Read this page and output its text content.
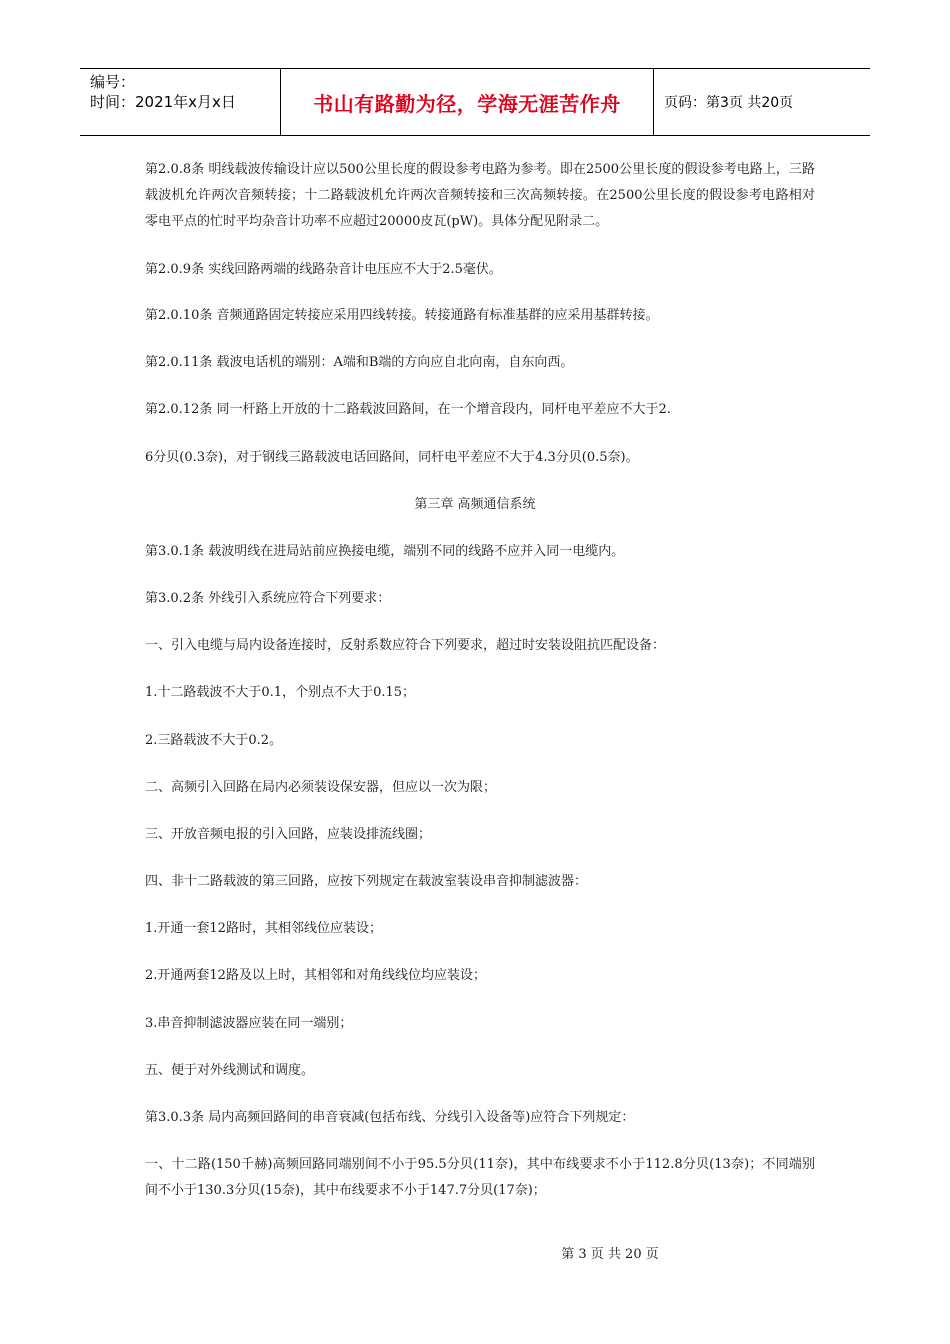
编号：
时间：2021年x月x日	书山有路勤为径，学海无涯苦作舟	页码：第3页 共20页
第2.0.8条 明线载波传输设计应以500公里长度的假设参考电路为参考。即在2500公里长度的假设参考电路上，三路载波机允许两次音频转接；十二路载波机允许两次音频转接和三次高频转接。在2500公里长度的假设参考电路相对零电平点的忙时平均杂音计功率不应超过20000皮瓦(pW)。具体分配见附录二。
第2.0.9条 实线回路两端的线路杂音计电压应不大于2.5毫伏。
第2.0.10条 音频通路固定转接应采用四线转接。转接通路有标准基群的应采用基群转接。
第2.0.11条 载波电话机的端别：A端和B端的方向应自北向南，自东向西。
第2.0.12条 同一杆路上开放的十二路载波回路间，在一个增音段内，同杆电平差应不大于2.
6分贝(0.3奈)，对于钢线三路载波电话回路间，同杆电平差应不大于4.3分贝(0.5奈)。
第三章 高频通信系统
第3.0.1条 载波明线在进局站前应换接电缆，端别不同的线路不应并入同一电缆内。
第3.0.2条 外线引入系统应符合下列要求：
一、引入电缆与局内设备连接时，反射系数应符合下列要求，超过时安装设阻抗匹配设备：
1.十二路载波不大于0.1，个别点不大于0.15；
2.三路载波不大于0.2。
二、高频引入回路在局内必须装设保安器，但应以一次为限；
三、开放音频电报的引入回路，应装设排流线圈；
四、非十二路载波的第三回路，应按下列规定在载波室装设串音抑制滤波器：
1.开通一套12路时，其相邻线位应装设；
2.开通两套12路及以上时，其相邻和对角线线位均应装设；
3.串音抑制滤波器应装在同一端别；
五、便于对外线测试和调度。
第3.0.3条 局内高频回路间的串音衰减(包括布线、分线引入设备等)应符合下列规定：
一、十二路(150千赫)高频回路同端别间不小于95.5分贝(11奈)，其中布线要求不小于112.8分贝(13奈)；不同端别间不小于130.3分贝(15奈)，其中布线要求不小于147.7分贝(17奈)；
第 3 页 共 20 页
